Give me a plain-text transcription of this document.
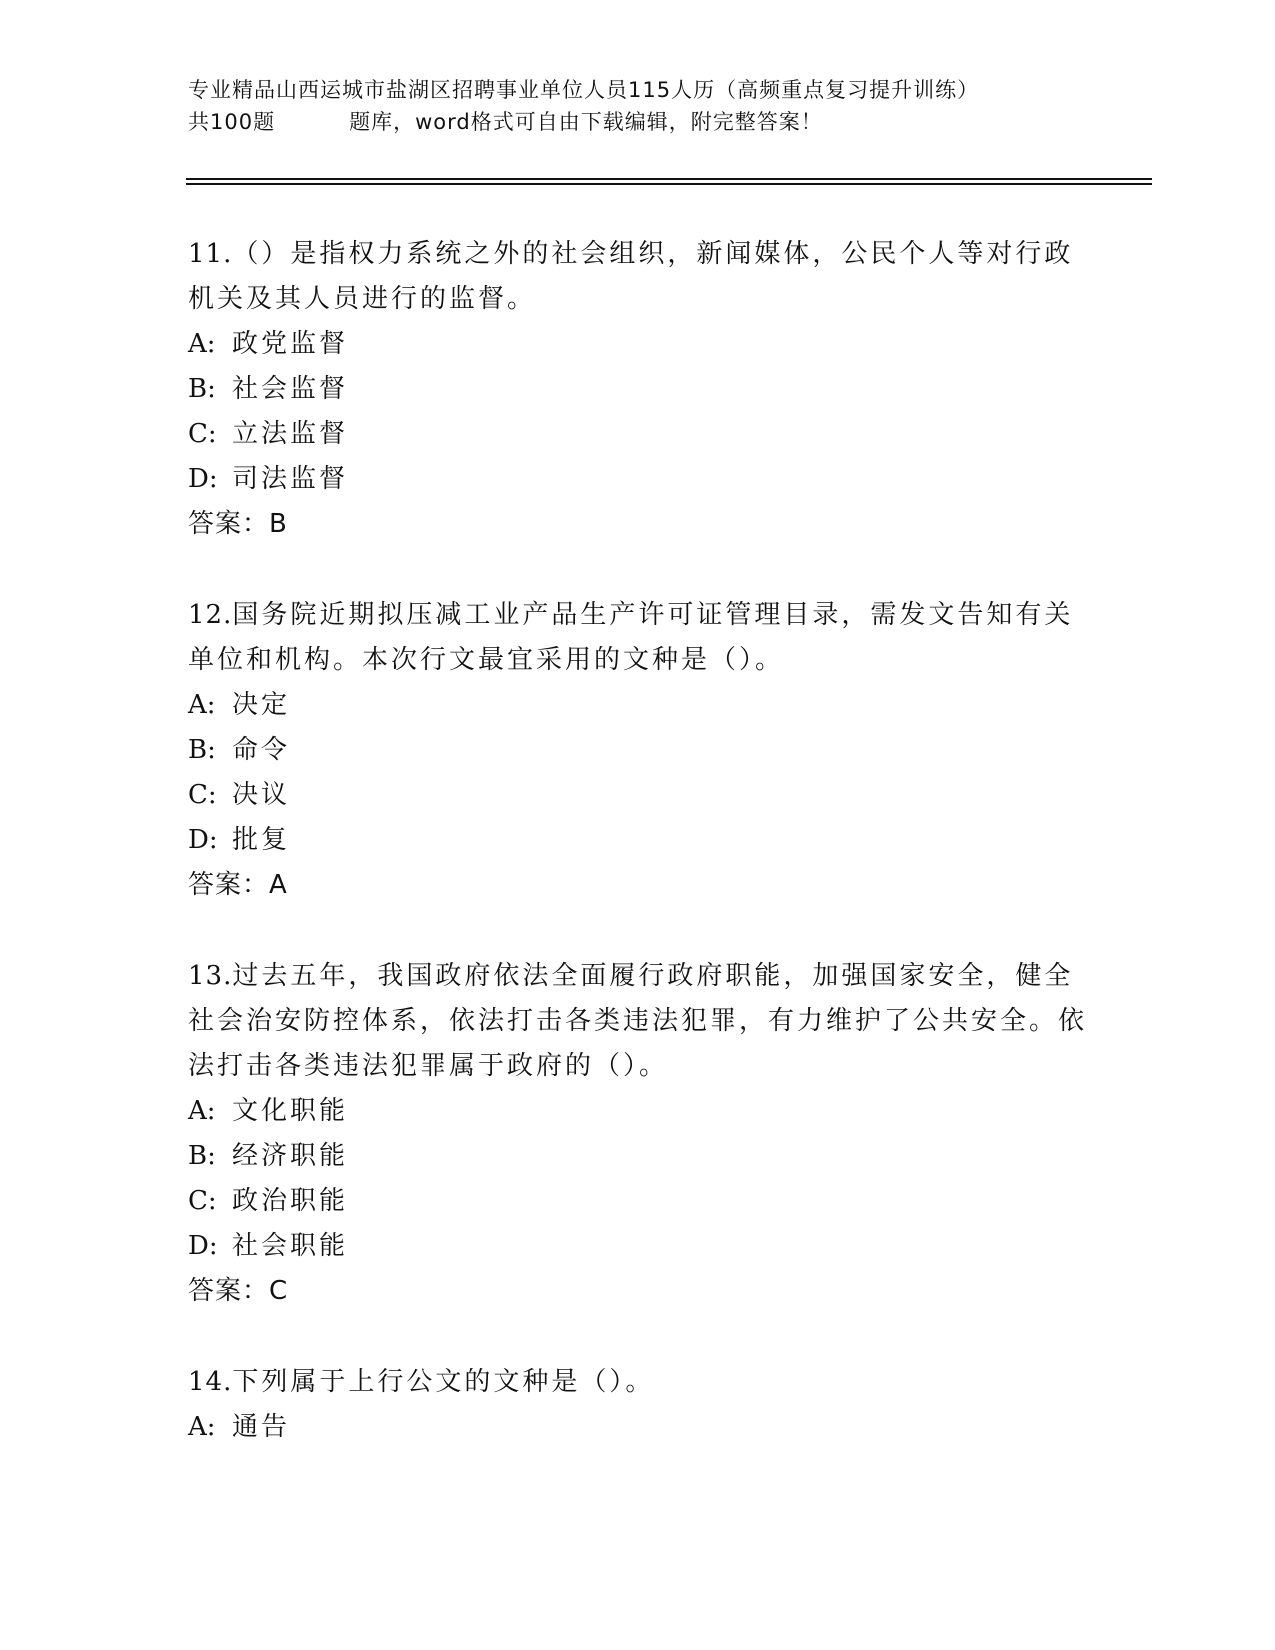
专业精品山西运城市盐湖区招聘事业单位人员115人历（高频重点复习提升训练）
共100题	题库，word格式可自由下载编辑，附完整答案！

11.（）是指权力系统之外的社会组织，新闻媒体，公民个人等对行政机关及其人员进行的监督。

A: 政党监督
B: 社会监督
C: 立法监督
D: 司法监督
答案：B

12.国务院近期拟压减工业产品生产许可证管理目录，需发文告知有关单位和机构。本次行文最宜采用的文种是（）。

A: 决定
B: 命令
C: 决议
D: 批复
答案：A

13.过去五年，我国政府依法全面履行政府职能，加强国家安全，健全社会治安防控体系，依法打击各类违法犯罪，有力维护了公共安全。依法打击各类违法犯罪属于政府的（）。

A: 文化职能
B: 经济职能
C: 政治职能
D: 社会职能
答案：C

14.下列属于上行公文的文种是（）。

A: 通告
